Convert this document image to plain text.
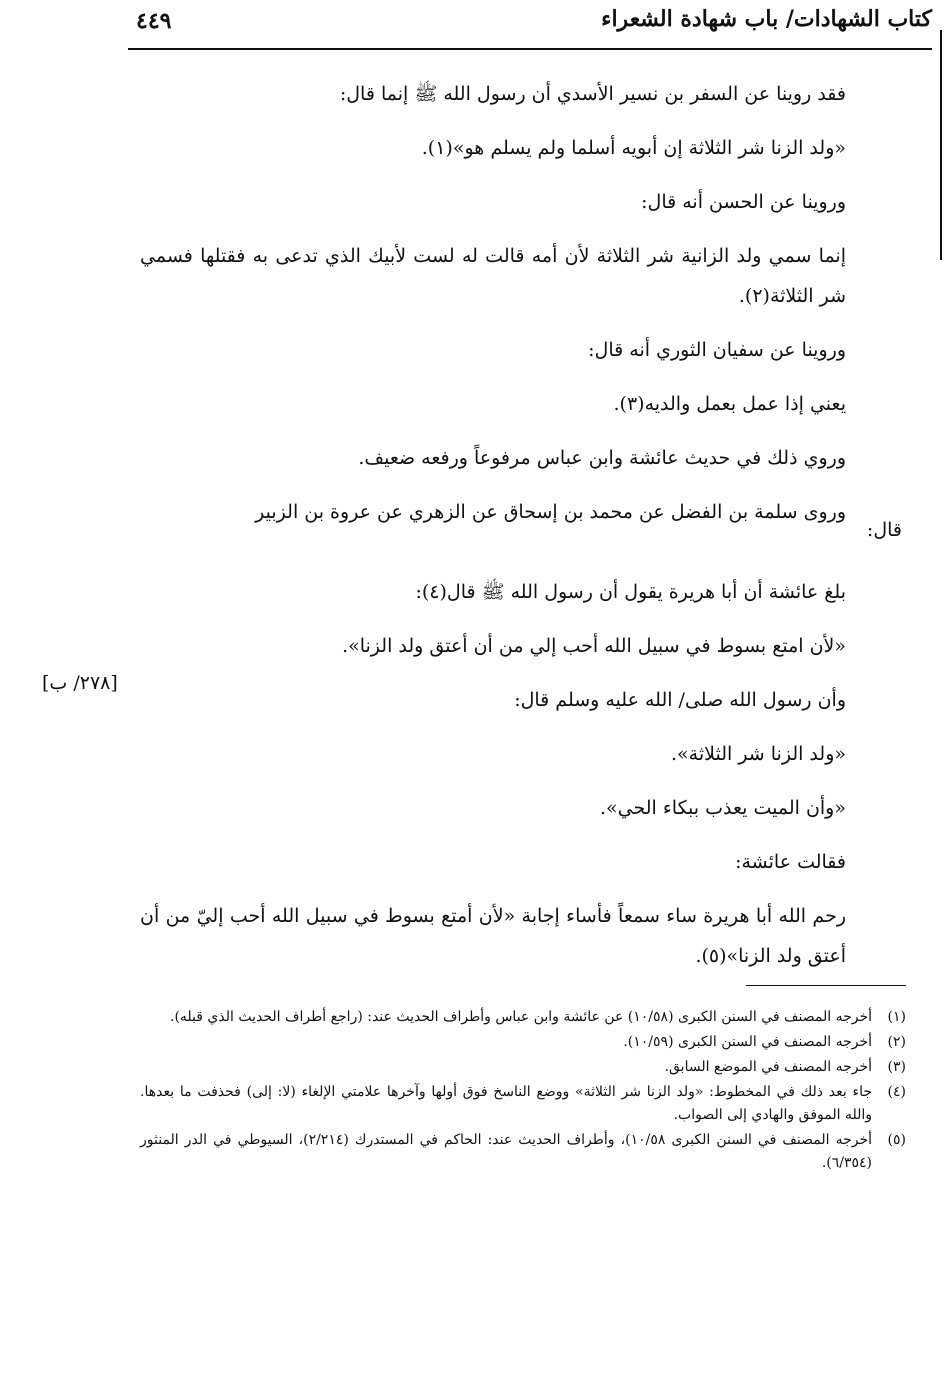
كتاب الشهادات/ باب شهادة الشعراء
٤٤٩

فقد روينا عن السفر بن نسير الأسدي أن رسول الله ﷺ إنما قال:

«ولد الزنا شر الثلاثة إن أبويه أسلما ولم يسلم هو»(١).

وروينا عن الحسن أنه قال:

إنما سمي ولد الزانية شر الثلاثة لأن أمه قالت له لست لأبيك الذي تدعى به فقتلها فسمي شر الثلاثة(٢).

وروينا عن سفيان الثوري أنه قال:

يعني إذا عمل بعمل والديه(٣).

وروي ذلك في حديث عائشة وابن عباس مرفوعاً ورفعه ضعيف.

وروى سلمة بن الفضل عن محمد بن إسحاق عن الزهري عن عروة بن الزبير

بلغ عائشة أن أبا هريرة يقول أن رسول الله ﷺ قال(٤):

«لأن امتع بسوط في سبيل الله أحب إلي من أن أعتق ولد الزنا».

وأن رسول الله صلى/ الله عليه وسلم قال:

«ولد الزنا شر الثلاثة».

«وأن الميت يعذب ببكاء الحي».

فقالت عائشة:

رحم الله أبا هريرة ساء سمعاً فأساء إجابة «لأن أمتع بسوط في سبيل الله أحب إليّ من أن أعتق ولد الزنا»(٥).

قال:
[٢٧٨/ ب]
(١)
أخرجه المصنف في السنن الكبرى (١٠/٥٨) عن عائشة وابن عباس وأطراف الحديث عند: (راجع أطراف الحديث الذي قبله).
(٢)
أخرجه المصنف في السنن الكبرى (١٠/٥٩).
(٣)
أخرجه المصنف في الموضع السابق.
(٤)
جاء بعد ذلك في المخطوط: «ولد الزنا شر الثلاثة» ووضع الناسخ فوق أولها وآخرها علامتي الإلغاء (لا: إلى) فحذفت ما بعدها. والله الموفق والهادي إلى الصواب.
(٥)
أخرجه المصنف في السنن الكبرى ١٠/٥٨)، وأطراف الحديث عند: الحاكم في المستدرك (٢/٢١٤)، السيوطي في الدر المنثور (٦/٣٥٤).
